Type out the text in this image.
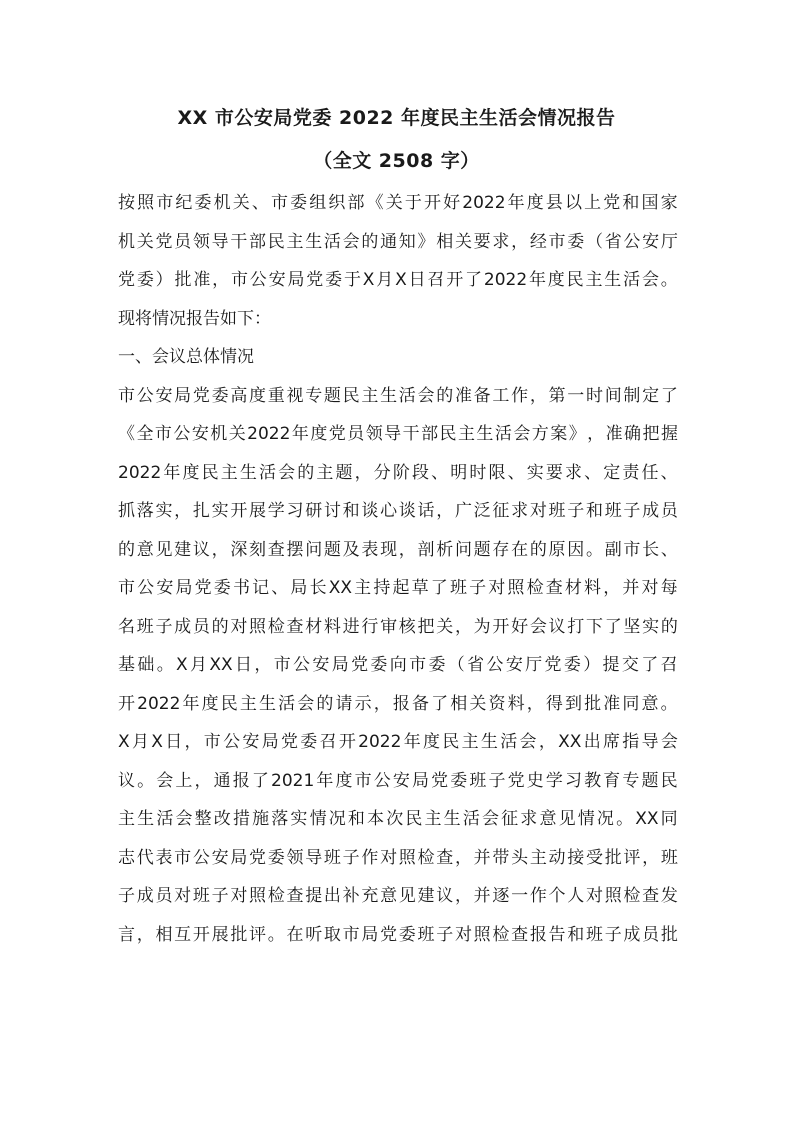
XX 市公安局党委 2022 年度民主生活会情况报告
（全文 2508 字）
按 照 市 纪 委 机 关 、 市 委 组 织 部 《 关 于 开 好 2022 年 度 县 以 上 党 和 国 家
机 关 党 员 领 导 干 部 民 主 生 活 会 的 通 知 》 相 关 要 求 ， 经 市 委 （ 省 公 安 厅
党 委 ） 批 准 ， 市 公 安 局 党 委 于 X 月 X 日 召 开 了 2022 年 度 民 主 生 活 会 。
现将情况报告如下：
一、会议总体情况
市 公 安 局 党 委 高 度 重 视 专 题 民 主 生 活 会 的 准 备 工 作 ， 第 一 时 间 制 定 了
《 全 市 公 安 机 关 2022 年 度 党 员 领 导 干 部 民 主 生 活 会 方 案 》 ， 准 确 把 握
2022 年 度 民 主 生 活 会 的 主 题 ， 分 阶 段 、 明 时 限 、 实 要 求 、 定 责 任 、
抓 落 实 ， 扎 实 开 展 学 习 研 讨 和 谈 心 谈 话 ， 广 泛 征 求 对 班 子 和 班 子 成 员
的 意 见 建 议 ， 深 刻 查 摆 问 题 及 表 现 ， 剖 析 问 题 存 在 的 原 因 。 副 市 长 、
市 公 安 局 党 委 书 记 、 局 长 XX 主 持 起 草 了 班 子 对 照 检 查 材 料 ， 并 对 每
名 班 子 成 员 的 对 照 检 查 材 料 进 行 审 核 把 关 ， 为 开 好 会 议 打 下 了 坚 实 的
基 础 。 X 月 XX 日 ， 市 公 安 局 党 委 向 市 委 （ 省 公 安 厅 党 委 ） 提 交 了 召
开 2022 年 度 民 主 生 活 会 的 请 示 ， 报 备 了 相 关 资 料 ， 得 到 批 准 同 意 。
X 月 X 日 ， 市 公 安 局 党 委 召 开 2022 年 度 民 主 生 活 会 ， XX 出 席 指 导 会
议 。 会 上 ， 通 报 了 2021 年 度 市 公 安 局 党 委 班 子 党 史 学 习 教 育 专 题 民
主 生 活 会 整 改 措 施 落 实 情 况 和 本 次 民 主 生 活 会 征 求 意 见 情 况 。 XX 同
志 代 表 市 公 安 局 党 委 领 导 班 子 作 对 照 检 查 ， 并 带 头 主 动 接 受 批 评 ， 班
子 成 员 对 班 子 对 照 检 查 提 出 补 充 意 见 建 议 ， 并 逐 一 作 个 人 对 照 检 查 发
言 ， 相 互 开 展 批 评 。 在 听 取 市 局 党 委 班 子 对 照 检 查 报 告 和 班 子 成 员 批
